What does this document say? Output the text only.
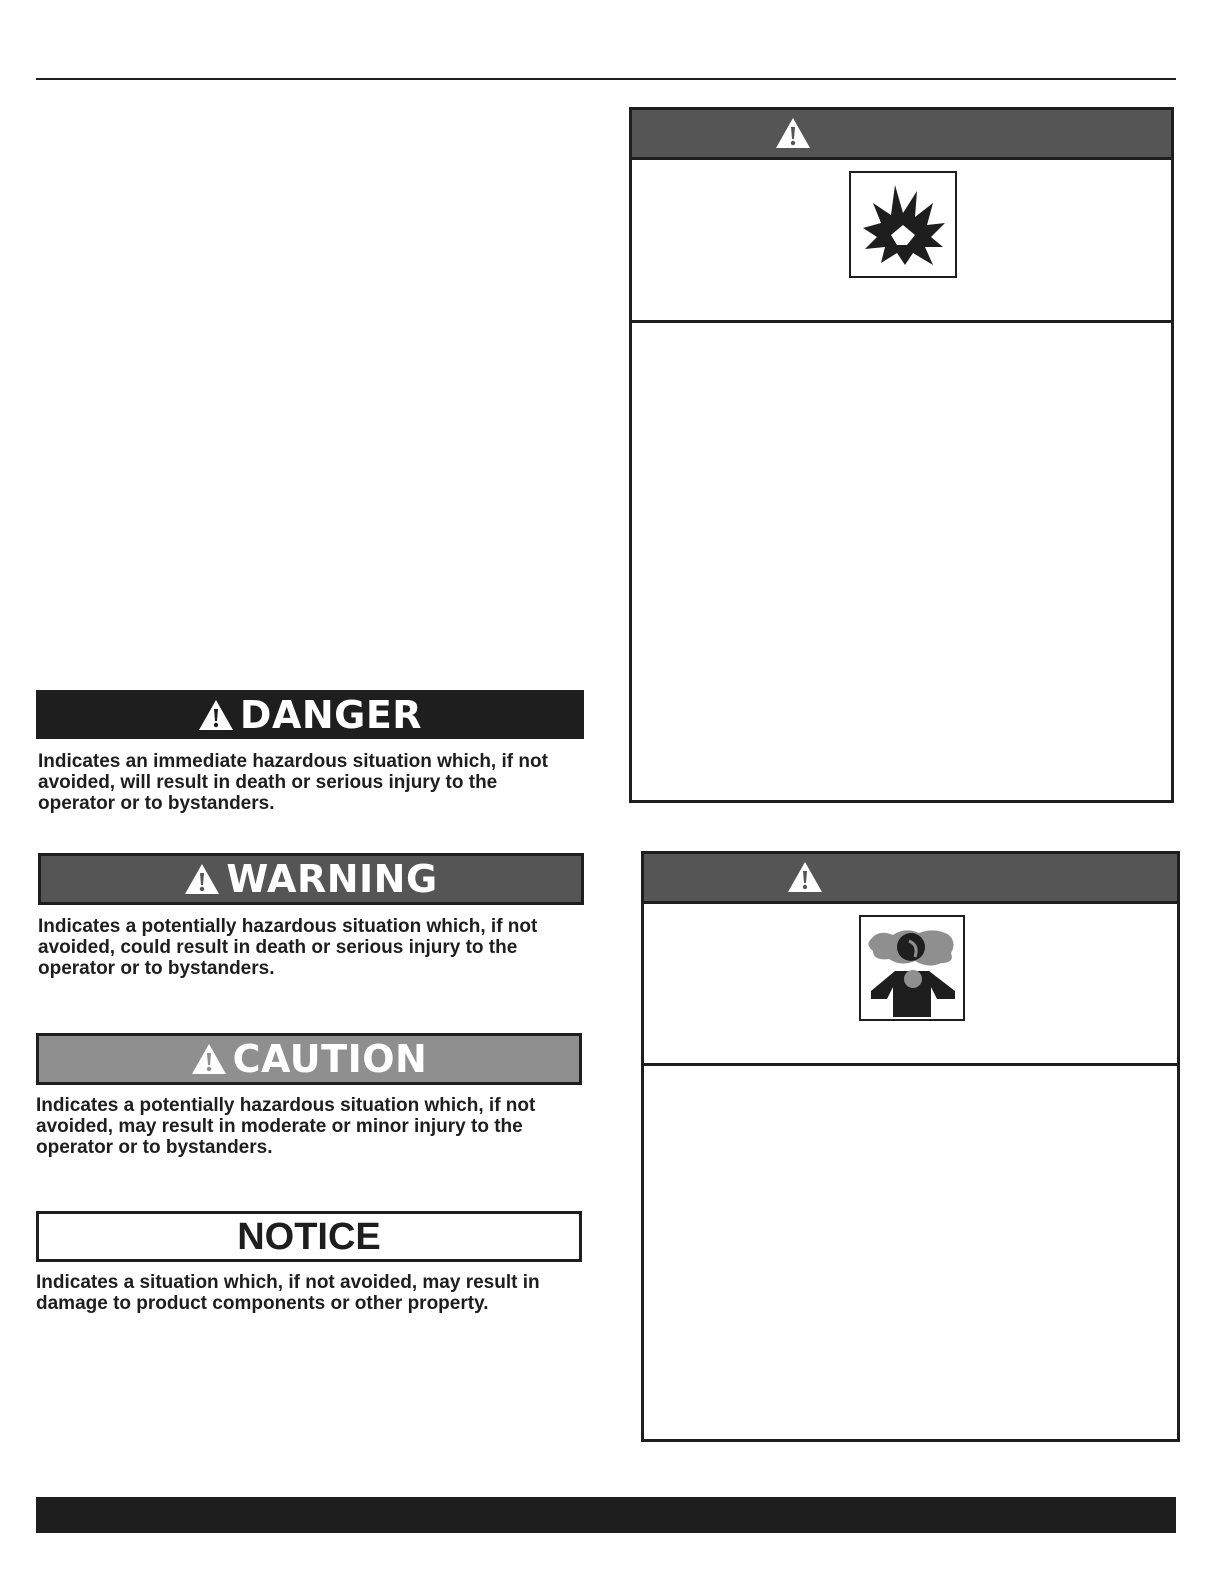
DANGER
Indicates an immediate hazardous situation which, if not
avoided, will result in death or serious injury to the
operator or to bystanders.
WARNING
Indicates a potentially hazardous situation which, if not
avoided, could result in death or serious injury to the
operator or to bystanders.
CAUTION
Indicates a potentially hazardous situation which, if not
avoided, may result in moderate or minor injury to the
operator or to bystanders.
NOTICE
Indicates a situation which, if not avoided, may result in
damage to product components or other property.
